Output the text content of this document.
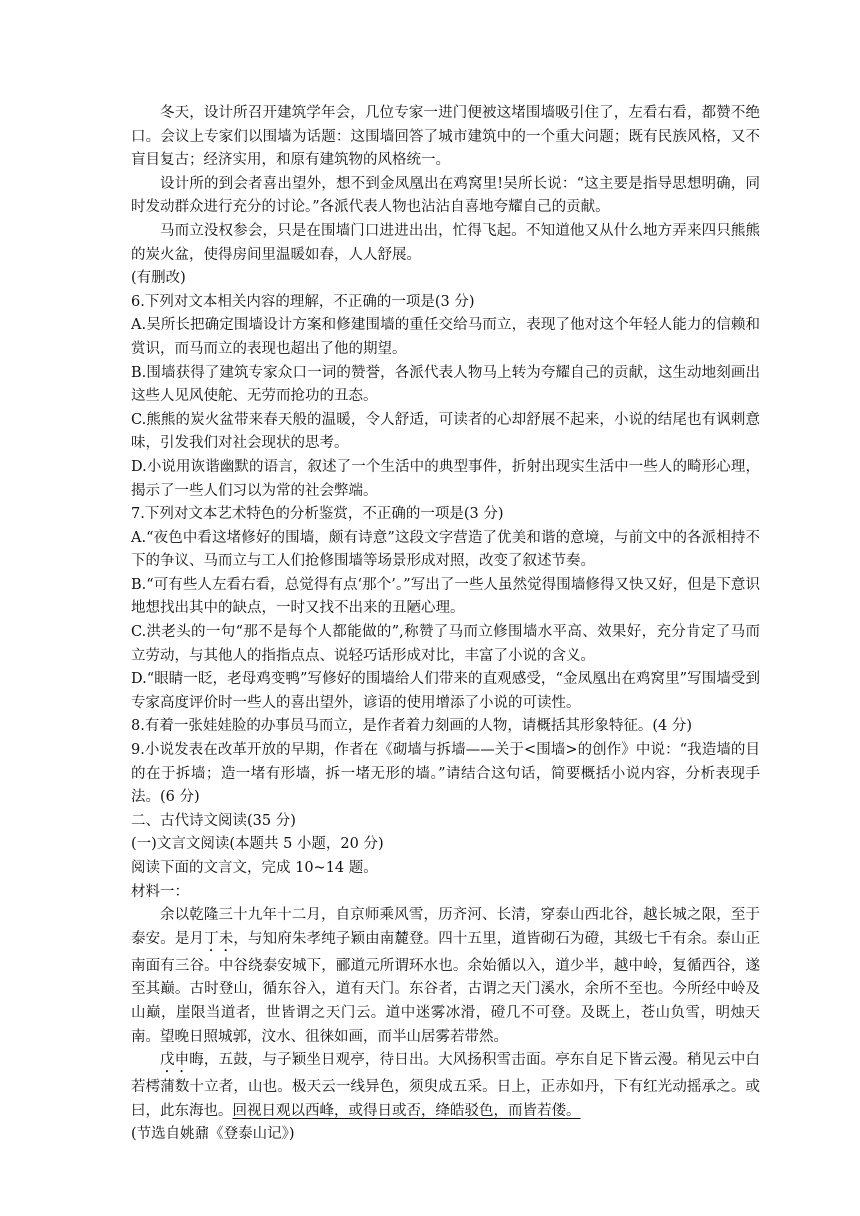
冬天，设计所召开建筑学年会，几位专家一进门便被这堵围墙吸引住了，左看右看，都赞不绝口。会议上专家们以围墙为话题：这围墙回答了城市建筑中的一个重大问题；既有民族风格，又不盲目复古；经济实用，和原有建筑物的风格统一。

设计所的到会者喜出望外，想不到金凤凰出在鸡窝里!吴所长说：“这主要是指导思想明确，同时发动群众进行充分的讨论。”各派代表人物也沾沾自喜地夸耀自己的贡献。

马而立没权参会，只是在围墙门口进进出出，忙得飞起。不知道他又从什么地方弄来四只熊熊的炭火盆，使得房间里温暖如春，人人舒展。

(有删改)

6.下列对文本相关内容的理解，不正确的一项是(3 分)

A.吴所长把确定围墙设计方案和修建围墙的重任交给马而立，表现了他对这个年轻人能力的信赖和赏识，而马而立的表现也超出了他的期望。

B.围墙获得了建筑专家众口一词的赞誉，各派代表人物马上转为夸耀自己的贡献，这生动地刻画出这些人见风使舵、无劳而抢功的丑态。

C.熊熊的炭火盆带来春天般的温暖，令人舒适，可读者的心却舒展不起来，小说的结尾也有讽刺意味，引发我们对社会现状的思考。

D.小说用诙谐幽默的语言，叙述了一个生活中的典型事件，折射出现实生活中一些人的畸形心理，揭示了一些人们习以为常的社会弊端。

7.下列对文本艺术特色的分析鉴赏，不正确的一项是(3 分)

A.“夜色中看这堵修好的围墙，颇有诗意”这段文字营造了优美和谐的意境，与前文中的各派相持不下的争议、马而立与工人们抢修围墙等场景形成对照，改变了叙述节奏。

B.“可有些人左看右看，总觉得有点‘那个’。”写出了一些人虽然觉得围墙修得又快又好，但是下意识地想找出其中的缺点，一时又找不出来的丑陋心理。

C.洪老头的一句“那不是每个人都能做的”,称赞了马而立修围墙水平高、效果好，充分肯定了马而立劳动，与其他人的指指点点、说轻巧话形成对比，丰富了小说的含义。

D.“眼睛一眨，老母鸡变鸭”写修好的围墙给人们带来的直观感受，“金凤凰出在鸡窝里”写围墙受到专家高度评价时一些人的喜出望外，谚语的使用增添了小说的可读性。

8.有着一张娃娃脸的办事员马而立，是作者着力刻画的人物，请概括其形象特征。(4 分)

9.小说发表在改革开放的早期，作者在《砌墙与拆墙——关于<围墙>的创作》中说：“我造墙的目的在于拆墙；造一堵有形墙，拆一堵无形的墙。”请结合这句话，简要概括小说内容，分析表现手法。(6 分)

二、古代诗文阅读(35 分)

(一)文言文阅读(本题共 5 小题，20 分)

阅读下面的文言文，完成 10~14 题。

材料一：

余以乾隆三十九年十二月，自京师乘风雪，历齐河、长清，穿泰山西北谷，越长城之限，至于泰安。是月丁未，与知府朱孝纯子颖由南麓登。四十五里，道皆砌石为磴，其级七千有余。泰山正南面有三谷。中谷绕泰安城下，郦道元所谓环水也。余始循以入，道少半，越中岭，复循西谷，遂至其巅。古时登山，循东谷入，道有天门。东谷者，古谓之天门溪水，余所不至也。今所经中岭及山巅，崖限当道者，世皆谓之天门云。道中迷雾冰滑，磴几不可登。及既上，苍山负雪，明烛天南。望晚日照城郭，汶水、徂徕如画，而半山居雾若带然。

戊申晦，五鼓，与子颖坐日观亭，待日出。大风扬积雪击面。亭东自足下皆云漫。稍见云中白若樗蒲数十立者，山也。极天云一线异色，须臾成五采。日上，正赤如丹，下有红光动摇承之。或曰，此东海也。回视日观以西峰，或得日或否，绛皓驳色，而皆若偻。

(节选自姚鼐《登泰山记》)
